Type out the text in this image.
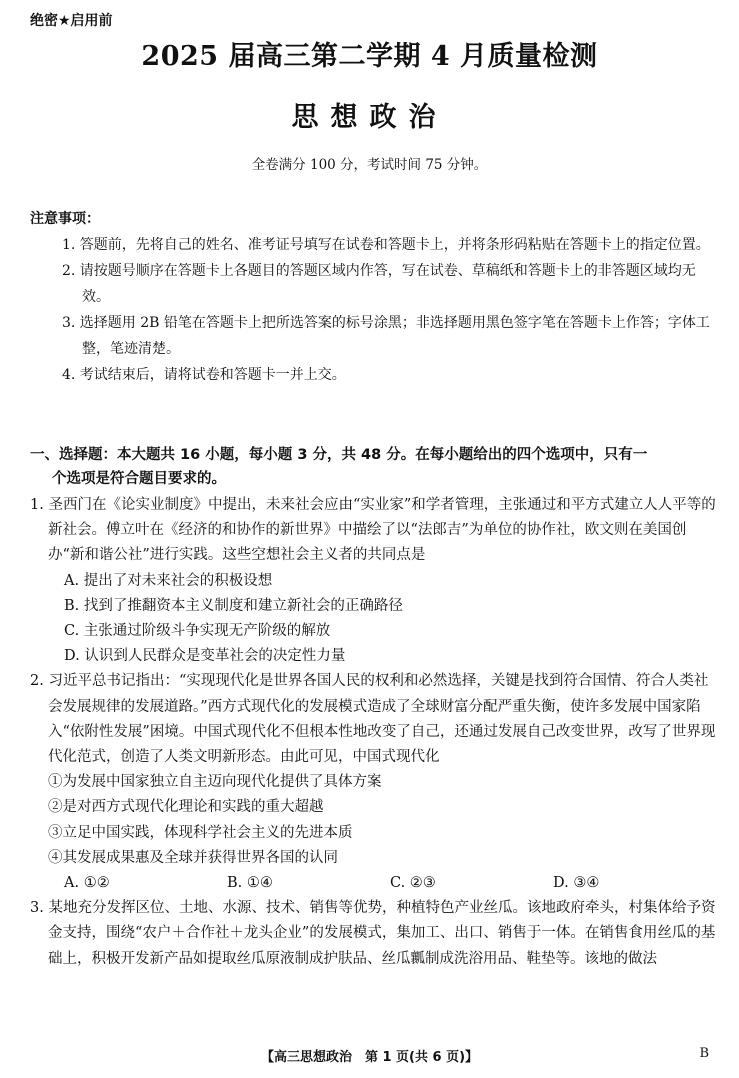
绝密★启用前
2025 届高三第二学期 4 月质量检测
思想政治
全卷满分 100 分，考试时间 75 分钟。
注意事项：

1. 答题前，先将自己的姓名、准考证号填写在试卷和答题卡上，并将条形码粘贴在答题卡上的指定位置。

2. 请按题号顺序在答题卡上各题目的答题区域内作答，写在试卷、草稿纸和答题卡上的非答题区域均无效。

3. 选择题用 2B 铅笔在答题卡上把所选答案的标号涂黑；非选择题用黑色签字笔在答题卡上作答；字体工整，笔迹清楚。

4. 考试结束后，请将试卷和答题卡一并上交。

一、选择题：本大题共 16 小题，每小题 3 分，共 48 分。在每小题给出的四个选项中，只有一
个选项是符合题目要求的。

1. 圣西门在《论实业制度》中提出，未来社会应由“实业家”和学者管理，主张通过和平方式建立人人平等的新社会。傅立叶在《经济的和协作的新世界》中描绘了以“法郎吉”为单位的协作社，欧文则在美国创办“新和谐公社”进行实践。这些空想社会主义者的共同点是

A. 提出了对未来社会的积极设想

B. 找到了推翻资本主义制度和建立新社会的正确路径

C. 主张通过阶级斗争实现无产阶级的解放

D. 认识到人民群众是变革社会的决定性力量

2. 习近平总书记指出：“实现现代化是世界各国人民的权利和必然选择，关键是找到符合国情、符合人类社会发展规律的发展道路。”西方式现代化的发展模式造成了全球财富分配严重失衡，使许多发展中国家陷入“依附性发展”困境。中国式现代化不但根本性地改变了自己，还通过发展自己改变世界，改写了世界现代化范式，创造了人类文明新形态。由此可见，中国式现代化

①为发展中国家独立自主迈向现代化提供了具体方案

②是对西方式现代化理论和实践的重大超越

③立足中国实践，体现科学社会主义的先进本质

④其发展成果惠及全球并获得世界各国的认同

A. ①②	B. ①④	C. ②③	D. ③④

3. 某地充分发挥区位、土地、水源、技术、销售等优势，种植特色产业丝瓜。该地政府牵头，村集体给予资金支持，围绕“农户＋合作社＋龙头企业”的发展模式，集加工、出口、销售于一体。在销售食用丝瓜的基础上，积极开发新产品如提取丝瓜原液制成护肤品、丝瓜瓤制成洗浴用品、鞋垫等。该地的做法

【高三思想政治　第 1 页(共 6 页)】	B
